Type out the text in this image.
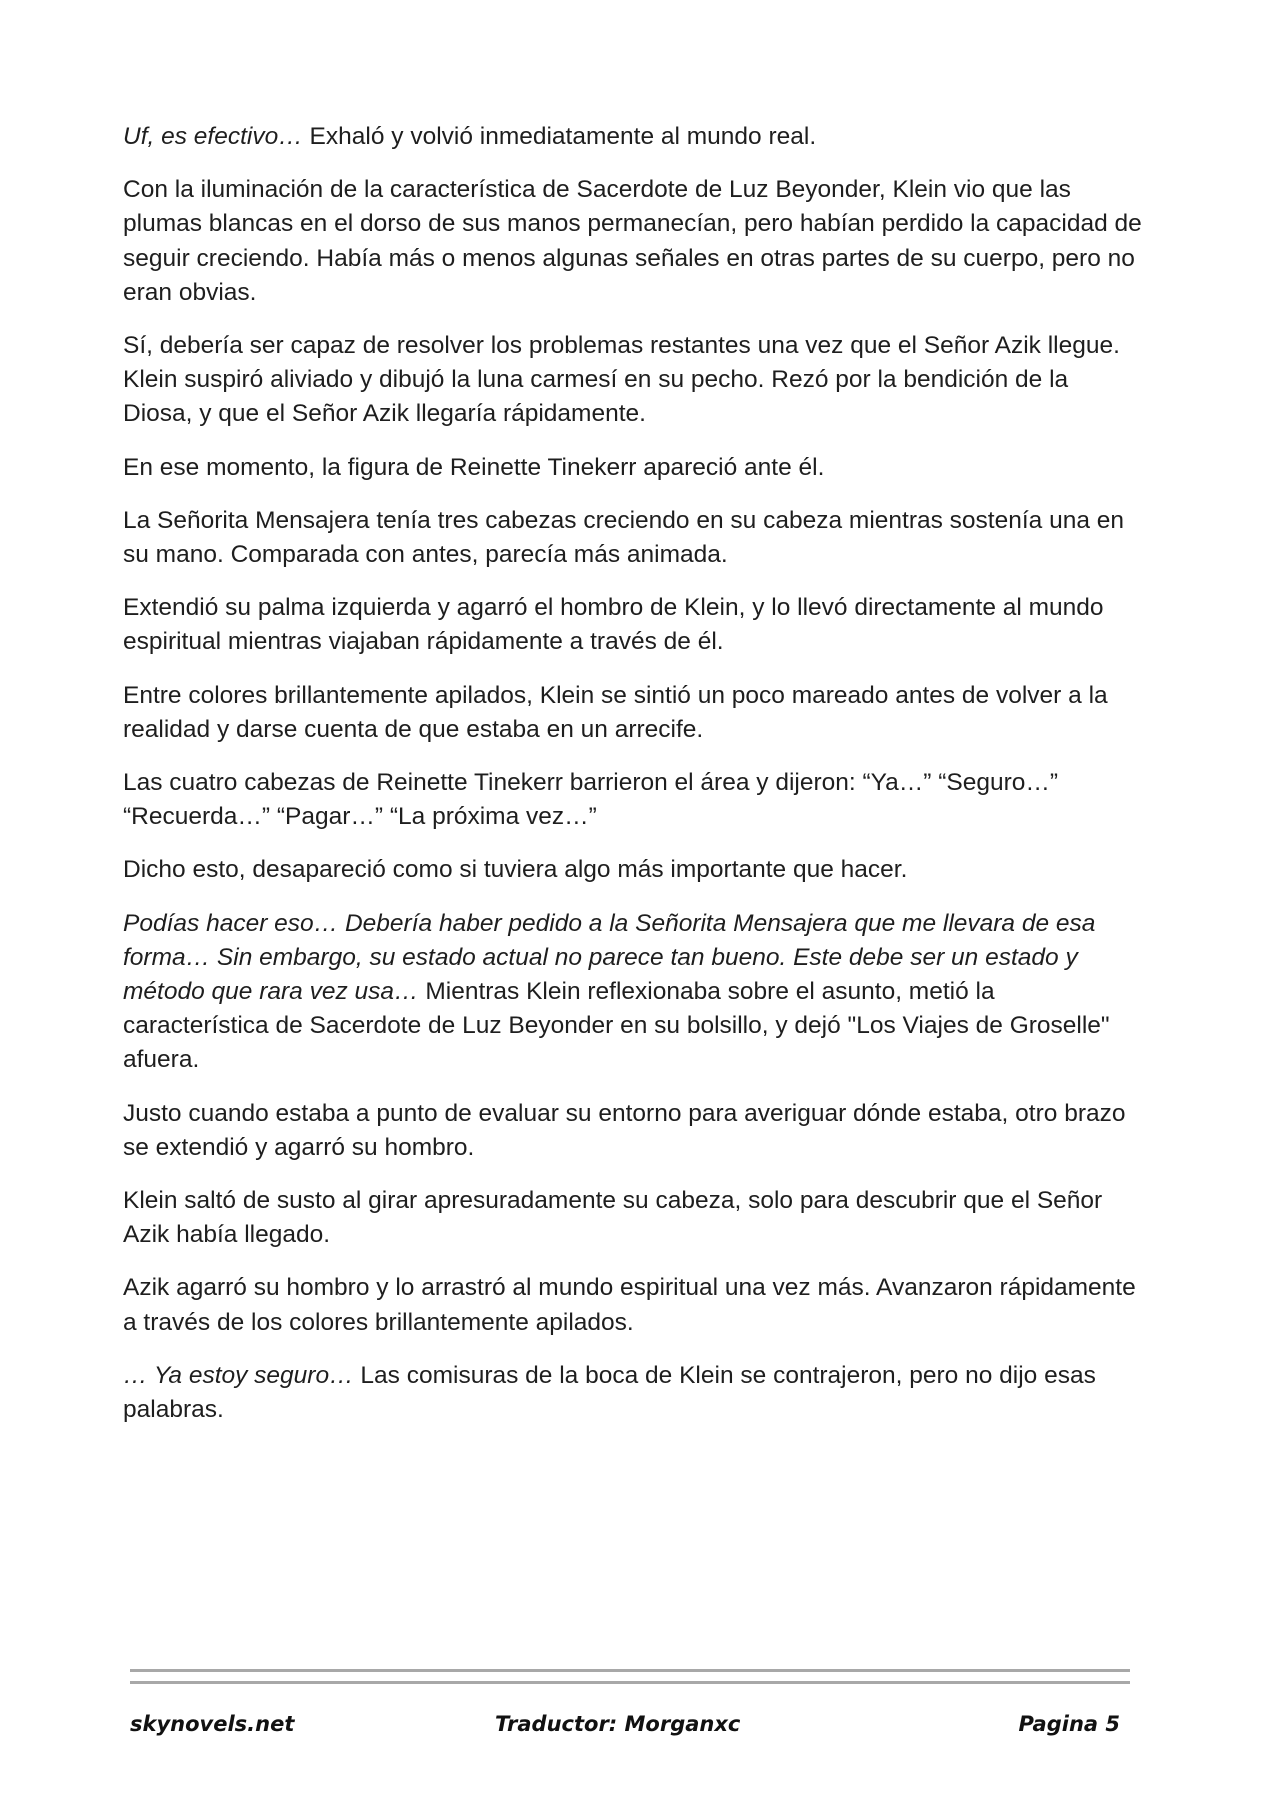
Uf, es efectivo… Exhaló y volvió inmediatamente al mundo real.

Con la iluminación de la característica de Sacerdote de Luz Beyonder, Klein vio que las plumas blancas en el dorso de sus manos permanecían, pero habían perdido la capacidad de seguir creciendo. Había más o menos algunas señales en otras partes de su cuerpo, pero no eran obvias.

Sí, debería ser capaz de resolver los problemas restantes una vez que el Señor Azik llegue. Klein suspiró aliviado y dibujó la luna carmesí en su pecho. Rezó por la bendición de la Diosa, y que el Señor Azik llegaría rápidamente.

En ese momento, la figura de Reinette Tinekerr apareció ante él.

La Señorita Mensajera tenía tres cabezas creciendo en su cabeza mientras sostenía una en su mano. Comparada con antes, parecía más animada.

Extendió su palma izquierda y agarró el hombro de Klein, y lo llevó directamente al mundo espiritual mientras viajaban rápidamente a través de él.

Entre colores brillantemente apilados, Klein se sintió un poco mareado antes de volver a la realidad y darse cuenta de que estaba en un arrecife.

Las cuatro cabezas de Reinette Tinekerr barrieron el área y dijeron: “Ya…” “Seguro…” “Recuerda…” “Pagar…” “La próxima vez…”

Dicho esto, desapareció como si tuviera algo más importante que hacer.

Podías hacer eso… Debería haber pedido a la Señorita Mensajera que me llevara de esa forma… Sin embargo, su estado actual no parece tan bueno. Este debe ser un estado y método que rara vez usa… Mientras Klein reflexionaba sobre el asunto, metió la característica de Sacerdote de Luz Beyonder en su bolsillo, y dejó "Los Viajes de Groselle" afuera.

Justo cuando estaba a punto de evaluar su entorno para averiguar dónde estaba, otro brazo se extendió y agarró su hombro.

Klein saltó de susto al girar apresuradamente su cabeza, solo para descubrir que el Señor Azik había llegado.

Azik agarró su hombro y lo arrastró al mundo espiritual una vez más. Avanzaron rápidamente a través de los colores brillantemente apilados.

… Ya estoy seguro… Las comisuras de la boca de Klein se contrajeron, pero no dijo esas palabras.

skynovels.net	Traductor: Morganxc	Pagina 5
